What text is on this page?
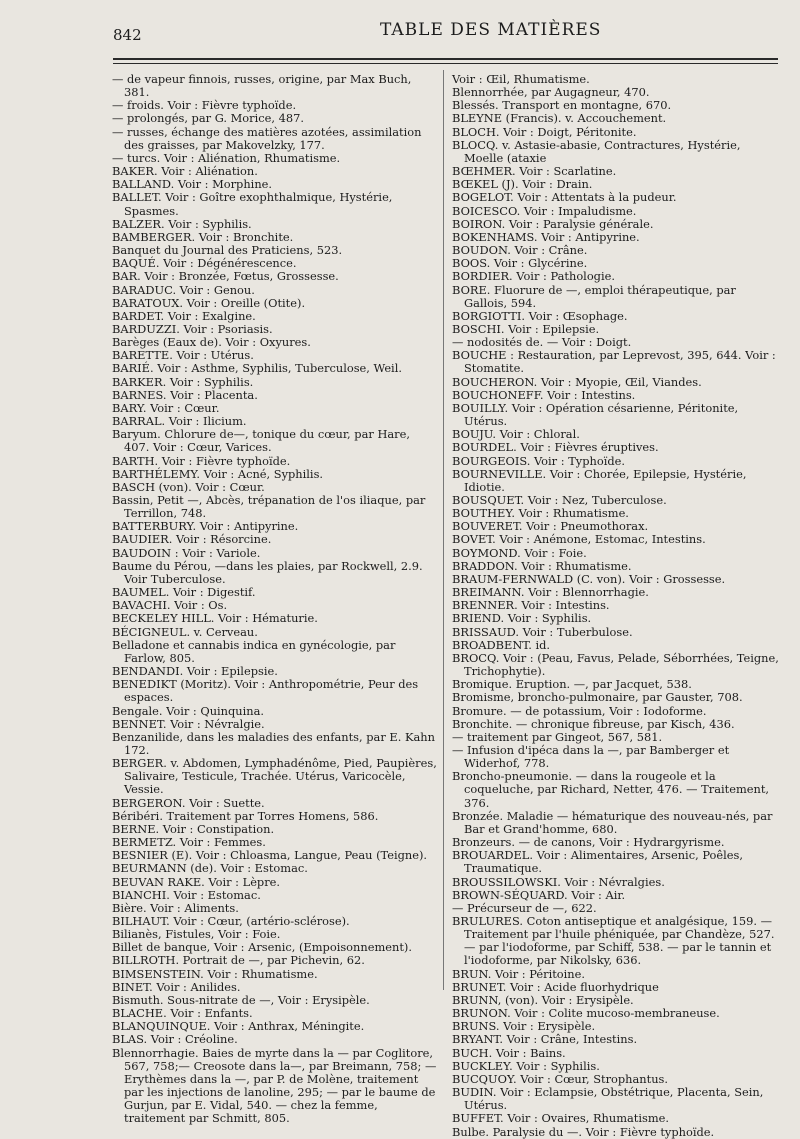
842	TABLE DES MATIÈRES

— de vapeur finnois, russes, origine, par Max Buch, 381.

— froids. Voir : Fièvre typhoïde.

— prolongés, par G. Morice, 487.

— russes, échange des matières azotées, assimilation des graisses, par Makovelzky, 177.

— turcs. Voir : Aliénation, Rhumatisme.

BAKER. Voir : Aliénation.

BALLAND. Voir : Morphine.

BALLET. Voir : Goître exophthalmique, Hystérie, Spasmes.

BALZER. Voir : Syphilis.

BAMBERGER. Voir : Bronchite.

Banquet du Journal des Praticiens, 523.

BAQUÉ. Voir : Dégénérescence.

BAR. Voir : Bronzée, Fœtus, Grossesse.

BARADUC. Voir : Genou.

BARATOUX. Voir : Oreille (Otite).

BARDET. Voir : Exalgine.

BARDUZZI. Voir : Psoriasis.

Barèges (Eaux de). Voir : Oxyures.

BARETTE. Voir : Utérus.

BARIÉ. Voir : Asthme, Syphilis, Tuberculose, Weil.

BARKER. Voir : Syphilis.

BARNES. Voir : Placenta.

BARY. Voir : Cœur.

BARRAL. Voir : Ilicium.

Baryum. Chlorure de—, tonique du cœur, par Hare, 407. Voir : Cœur, Varices.

BARTH. Voir : Fièvre typhoïde.

BARTHÉLEMY. Voir : Acné, Syphilis.

BASCH (von). Voir : Cœur.

Bassin, Petit —, Abcès, trépanation de l'os iliaque, par Terrillon, 748.

BATTERBURY. Voir : Antipyrine.

BAUDIER. Voir : Résorcine.

BAUDOIN : Voir : Variole.

Baume du Pérou, —dans les plaies, par Rockwell, 2.9. Voir Tuberculose.

BAUMEL. Voir : Digestif.

BAVACHI. Voir : Os.

BECKELEY HILL. Voir : Hématurie.

BÉCIGNEUL. v. Cerveau.

Belladone et cannabis indica en gynécologie, par Farlow, 805.

BENDANDI. Voir : Epilepsie.

BENEDIKT (Moritz). Voir : Anthropométrie, Peur des espaces.

Bengale. Voir : Quinquina.

BENNET. Voir : Névralgie.

Benzanilide, dans les maladies des enfants, par E. Kahn 172.

BERGER. v. Abdomen, Lymphadénôme, Pied, Paupières, Salivaire, Testicule, Trachée. Utérus, Varicocèle, Vessie.

BERGERON. Voir : Suette.

Béribéri. Traitement par Torres Homens, 586.

BERNE. Voir : Constipation.

BERMETZ. Voir : Femmes.

BESNIER (E). Voir : Chloasma, Langue, Peau (Teigne).

BEURMANN (de). Voir : Estomac.

BEUVAN RAKE. Voir : Lèpre.

BIANCHI. Voir : Estomac.

Bière. Voir : Aliments.

BILHAUT. Voir : Cœur, (artério-sclérose).

Bilianès, Fistules, Voir : Foie.

Billet de banque, Voir : Arsenic, (Empoisonnement).

BILLROTH. Portrait de —, par Pichevin, 62.

BIMSENSTEIN. Voir : Rhumatisme.

BINET. Voir : Anilides.

Bismuth. Sous-nitrate de —, Voir : Erysipèle.

BLACHE. Voir : Enfants.

BLANQUINQUE. Voir : Anthrax, Méningite.

BLAS. Voir : Créoline.

Blennorrhagie. Baies de myrte dans la — par Coglitore, 567, 758;— Creosote dans la—, par Breimann, 758; — Erythèmes dans la —, par P. de Molène, traitement par les injections de lanoline, 295; — par le baume de Gurjun, par E. Vidal, 540. — chez la femme, traitement par Schmitt, 805.

Voir : Œil, Rhumatisme.

Blennorrhée, par Augagneur, 470.

Blessés. Transport en montagne, 670.

BLEYNE (Francis). v. Accouchement.

BLOCH. Voir : Doigt, Péritonite.

BLOCQ. v. Astasie-abasie, Contractures, Hystérie, Moelle (ataxie

BŒHMER. Voir : Scarlatine.

BŒKEL (J). Voir : Drain.

BOGELOT. Voir : Attentats à la pudeur.

BOICESCO. Voir : Impaludisme.

BOIRON. Voir : Paralysie générale.

BOKENHAMS. Voir : Antipyrine.

BOUDON. Voir : Crâne.

BOOS. Voir : Glycérine.

BORDIER. Voir : Pathologie.

BORE. Fluorure de —, emploi thérapeutique, par Gallois, 594.

BORGIOTTI. Voir : Œsophage.

BOSCHI. Voir : Epilepsie.

— nodosités de. — Voir : Doigt.

BOUCHE : Restauration, par Leprevost, 395, 644. Voir : Stomatite.

BOUCHERON. Voir : Myopie, Œil, Viandes.

BOUCHONEFF. Voir : Intestins.

BOUILLY. Voir : Opération césarienne, Péritonite, Utérus.

BOUJU. Voir : Chloral.

BOURDEL. Voir : Fièvres éruptives.

BOURGEOIS. Voir : Typhoïde.

BOURNEVILLE. Voir : Chorée, Epilepsie, Hystérie, Idiotie.

BOUSQUET. Voir : Nez, Tuberculose.

BOUTHEY. Voir : Rhumatisme.

BOUVERET. Voir : Pneumothorax.

BOVET. Voir : Anémone, Estomac, Intestins.

BOYMOND. Voir : Foie.

BRADDON. Voir : Rhumatisme.

BRAUM-FERNWALD (C. von). Voir : Grossesse.

BREIMANN. Voir : Blennorrhagie.

BRENNER. Voir : Intestins.

BRIEND. Voir : Syphilis.

BRISSAUD. Voir : Tuberbulose.

BROADBENT. id.

BROCQ. Voir : (Peau, Favus, Pelade, Séborrhées, Teigne, Trichophytie).

Bromique. Eruption. —, par Jacquet, 538.

Bromisme, broncho-pulmonaire, par Gauster, 708.

Bromure. — de potassium, Voir : Iodoforme.

Bronchite. — chronique fibreuse, par Kisch, 436.

— traitement par Gingeot, 567, 581.

— Infusion d'ipéca dans la —, par Bamberger et Widerhof, 778.

Broncho-pneumonie. — dans la rougeole et la coqueluche, par Richard, Netter, 476. — Traitement, 376.

Bronzée. Maladie — hématurique des nouveau-nés, par Bar et Grand'homme, 680.

Bronzeurs. — de canons, Voir : Hydrargyrisme.

BROUARDEL. Voir : Alimentaires, Arsenic, Poêles, Traumatique.

BROUSSILOWSKI. Voir : Névralgies.

BROWN-SÉQUARD. Voir : Air.

— Précurseur de —, 622.

BRULURES. Coton antiseptique et analgésique, 159. — Traitement par l'huile phéniquée, par Chandèze, 527. — par l'iodoforme, par Schiff, 538. — par le tannin et l'iodoforme, par Nikolsky, 636.

BRUN. Voir : Péritoine.

BRUNET. Voir : Acide fluorhydrique

BRUNN, (von). Voir : Erysipèle.

BRUNON. Voir : Colite mucoso-membraneuse.

BRUNS. Voir : Erysipèle.

BRYANT. Voir : Crâne, Intestins.

BUCH. Voir : Bains.

BUCKLEY. Voir : Syphilis.

BUCQUOY. Voir : Cœur, Strophantus.

BUDIN. Voir : Eclampsie, Obstétrique, Placenta, Sein, Utérus.

BUFFET. Voir : Ovaires, Rhumatisme.

Bulbe. Paralysie du —. Voir : Fièvre typhoïde.
